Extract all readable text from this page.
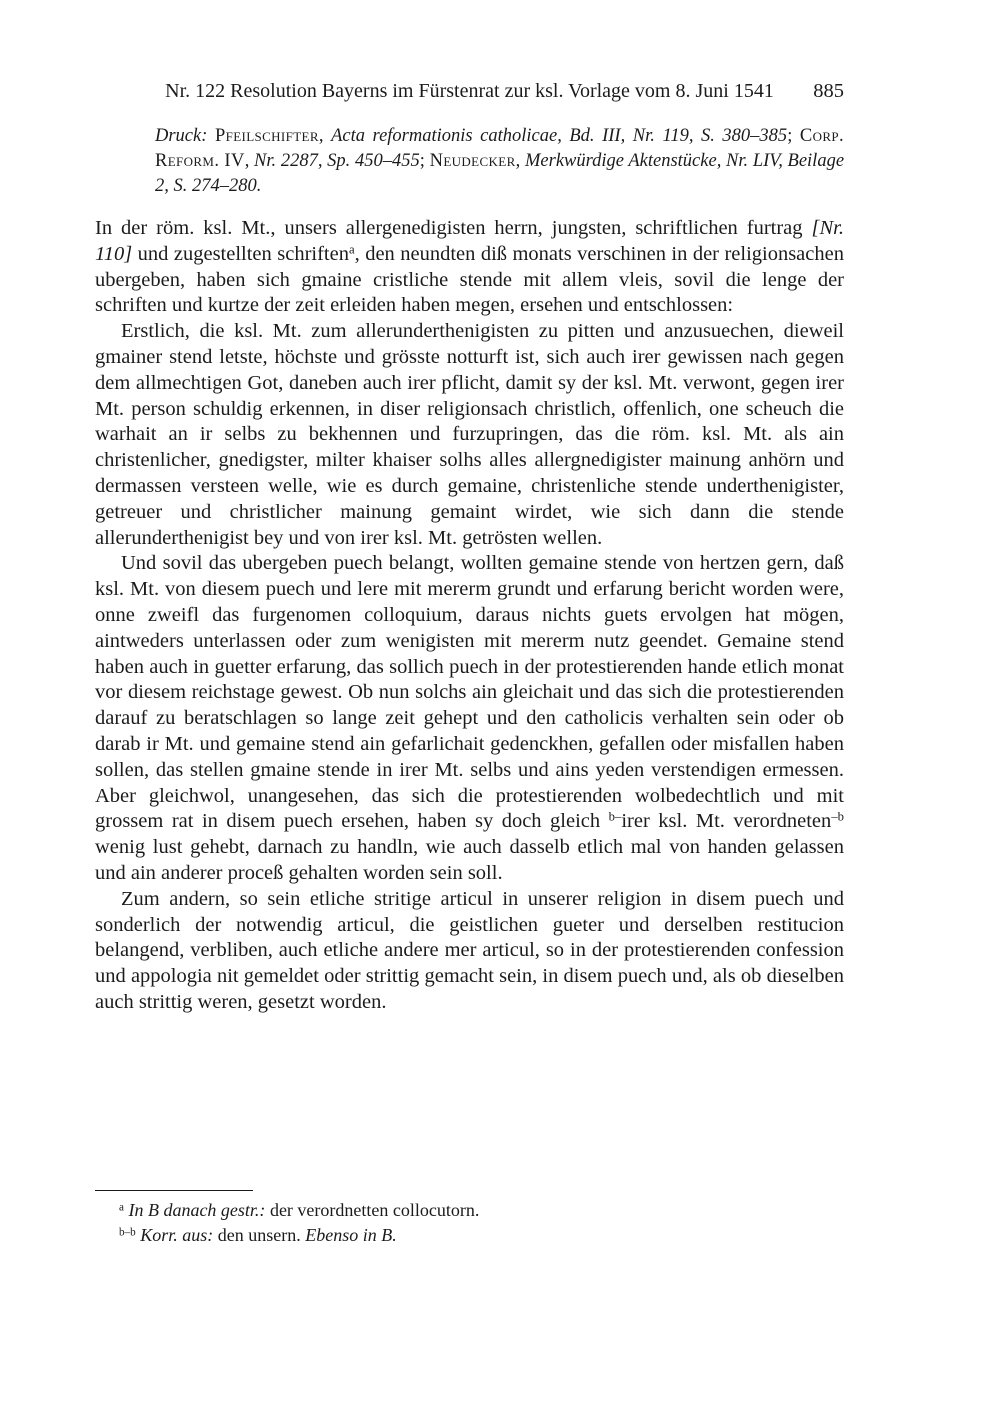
Nr. 122 Resolution Bayerns im Fürstenrat zur ksl. Vorlage vom 8. Juni 1541 885

Druck: Pfeilschifter, Acta reformationis catholicae, Bd. III, Nr. 119, S. 380–385; Corp. Reform. IV, Nr. 2287, Sp. 450–455; Neudecker, Merkwürdige Aktenstücke, Nr. LIV, Beilage 2, S. 274–280.

In der röm. ksl. Mt., unsers allergenedigisten herrn, jungsten, schriftlichen furtrag [Nr. 110] und zugestellten schriften$^a$, den neundten diß monats verschinen in der religionsachen ubergeben, haben sich gmaine cristliche stende mit allem vleis, sovil die lenge der schriften und kurtze der zeit erleiden haben megen, ersehen und entschlossen:

Erstlich, die ksl. Mt. zum allerunderthenigisten zu pitten und anzusuechen, dieweil gmainer stend letste, höchste und grösste notturft ist, sich auch irer gewissen nach gegen dem allmechtigen Got, daneben auch irer pflicht, damit sy der ksl. Mt. verwont, gegen irer Mt. person schuldig erkennen, in diser religionsach christlich, offenlich, one scheuch die warhait an ir selbs zu bekhennen und furzupringen, das die röm. ksl. Mt. als ain christenlicher, gnedigster, milter khaiser solhs alles allergnedigister mainung anhörn und dermassen versteen welle, wie es durch gemaine, christenliche stende underthenigister, getreuer und christlicher mainung gemaint wirdet, wie sich dann die stende allerunderthenigist bey und von irer ksl. Mt. getrösten wellen.

Und sovil das ubergeben puech belangt, wollten gemaine stende von hertzen gern, daß ksl. Mt. von diesem puech und lere mit mererm grundt und erfarung bericht worden were, onne zweifl das furgenomen colloquium, daraus nichts guets ervolgen hat mögen, aintweders unterlassen oder zum wenigisten mit mererm nutz geendet. Gemaine stend haben auch in guetter erfarung, das sollich puech in der protestierenden hande etlich monat vor diesem reichstage gewest. Ob nun solchs ain gleichait und das sich die protestierenden darauf zu beratschlagen so lange zeit gehept und den catholicis verhalten sein oder ob darab ir Mt. und gemaine stend ain gefarlichait gedenckhen, gefallen oder misfallen haben sollen, das stellen gmaine stende in irer Mt. selbs und ains yeden verstendigen ermessen. Aber gleichwol, unangesehen, das sich die protestierenden wolbedechtlich und mit grossem rat in disem puech ersehen, haben sy doch gleich $^{b-}$irer ksl. Mt. verordneten$^{-b}$ wenig lust gehebt, darnach zu handln, wie auch dasselb etlich mal von handen gelassen und ain anderer proceß gehalten worden sein soll.

Zum andern, so sein etliche stritige articul in unserer religion in disem puech und sonderlich der notwendig articul, die geistlichen gueter und derselben restitucion belangend, verbliben, auch etliche andere mer articul, so in der protestierenden confession und appologia nit gemeldet oder strittig gemacht sein, in disem puech und, als ob dieselben auch strittig weren, gesetzt worden.

$^a$ In B danach gestr.: der verordnetten collocutorn.

$^{b-b}$ Korr. aus: den unsern. Ebenso in B.
